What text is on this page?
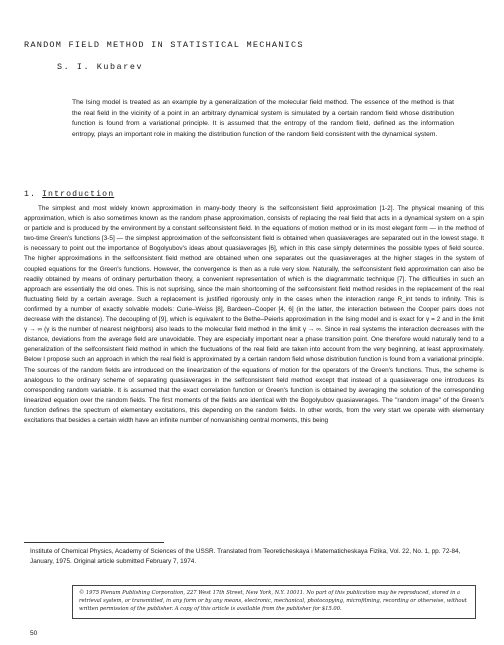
RANDOM FIELD METHOD IN STATISTICAL MECHANICS
S. I. Kubarev
The Ising model is treated as an example by a generalization of the molecular field method. The essence of the method is that the real field in the vicinity of a point in an arbitrary dynamical system is simulated by a certain random field whose distribution function is found from a variational principle. It is assumed that the entropy of the random field, defined as the information entropy, plays an important role in making the distribution function of the random field consistent with the dynamical system.
1. Introduction
The simplest and most widely known approximation in many-body theory is the selfconsistent field approximation [1-2]. The physical meaning of this approximation, which is also sometimes known as the random phase approximation, consists of replacing the real field that acts in a dynamical system on a spin or particle and is produced by the environment by a constant selfconsistent field. In the equations of motion method or in its most elegant form — in the method of two-time Green's functions [3-5] — the simplest approximation of the selfconsistent field is obtained when quasiaverages are separated out in the lowest stage. It is necessary to point out the importance of Bogolyubov's ideas about quasiaverages [6], which in this case simply determines the possible types of field source. The higher approximations in the selfconsistent field method are obtained when one separates out the quasiaverages at the higher stages in the system of coupled equations for the Green's functions. However, the convergence is then as a rule very slow. Naturally, the selfconsistent field approximation can also be readily obtained by means of ordinary perturbation theory, a convenient representation of which is the diagrammatic technique [7]. The difficulties in such an approach are essentially the old ones. This is not suprising, since the main shortcoming of the selfconsistent field method resides in the replacement of the real fluctuating field by a certain average. Such a replacement is justified rigorously only in the cases when the interaction range R_int tends to infinity. This is confirmed by a number of exactly solvable models: Curie–Weiss [8], Bardeen–Cooper [4, 6] (in the latter, the interaction between the Cooper pairs does not decrease with the distance). The decoupling of [9], which is equivalent to the Bethe–Peierls approximation in the Ising model and is exact for γ = 2 and in the limit γ → ∞ (γ is the number of nearest neighbors) also leads to the molecular field method in the limit γ → ∞. Since in real systems the interaction decreases with the distance, deviations from the average field are unavoidable. They are especially important near a phase transition point. One therefore would naturally tend to a generalization of the selfconsistent field method in which the fluctuations of the real field are taken into account from the very beginning, at least approximately. Below I propose such an approach in which the real field is approximated by a certain random field whose distribution function is found from a variational principle. The sources of the random fields are introduced on the linearization of the equations of motion for the operators of the Green's functions. Thus, the scheme is analogous to the ordinary scheme of separating quasiaverages in the selfconsistent field method except that instead of a quasiaverage one introduces its corresponding random variable. It is assumed that the exact correlation function or Green's function is obtained by averaging the solution of the corresponding linearized equation over the random fields. The first moments of the fields are identical with the Bogolyubov quasiaverages. The "random image" of the Green's function defines the spectrum of elementary excitations, this depending on the random fields. In other words, from the very start we operate with elementary excitations that besides a certain width have an infinite number of nonvanishing central moments, this being
Institute of Chemical Physics, Academy of Sciences of the USSR. Translated from Teoreticheskaya i Matematicheskaya Fizika, Vol. 22, No. 1, pp. 72-84, January, 1975. Original article submitted February 7, 1974.
© 1975 Plenum Publishing Corporation, 227 West 17th Street, New York, N.Y. 10011. No part of this publication may be reproduced, stored in a retrieval system, or transmitted, in any form or by any means, electronic, mechanical, photocopying, microfilming, recording or otherwise, without written permission of the publisher. A copy of this article is available from the publisher for $15.00.
50
